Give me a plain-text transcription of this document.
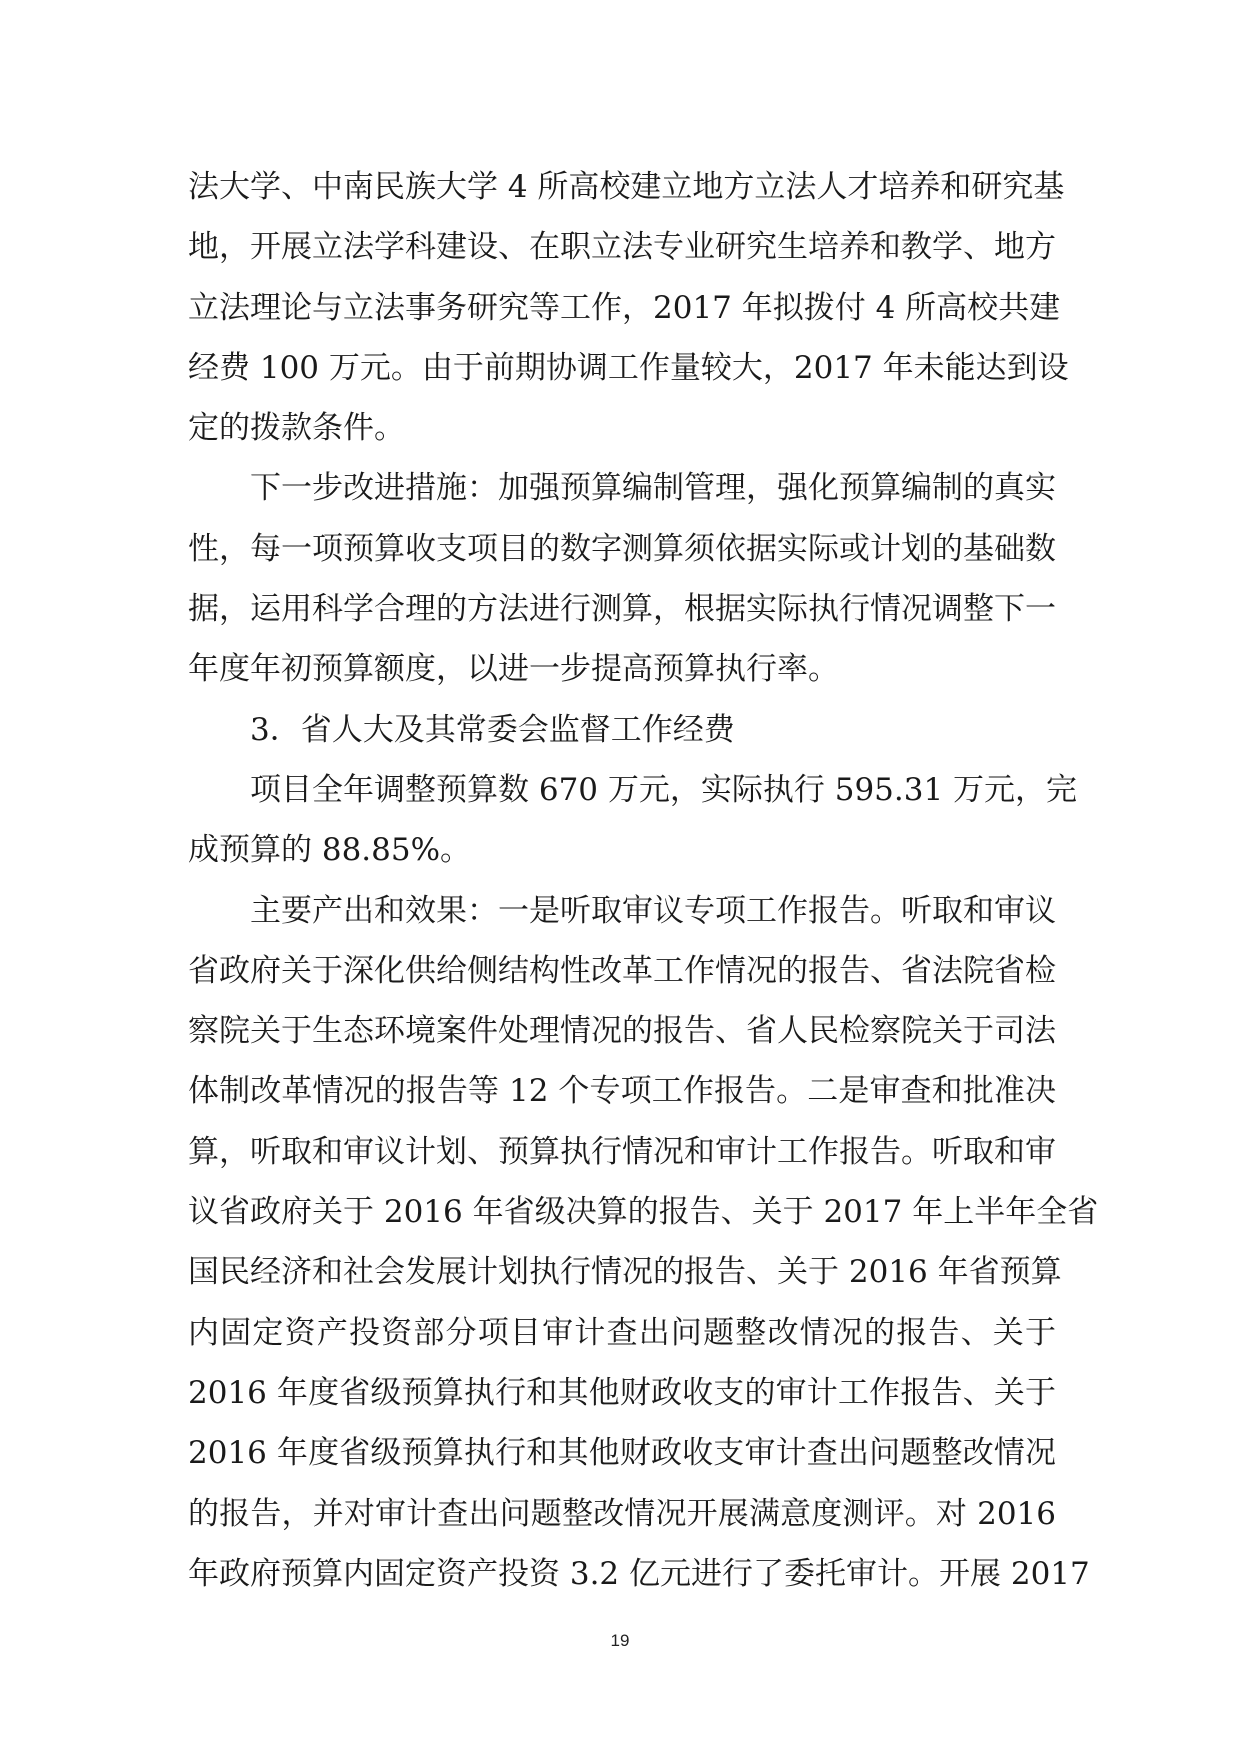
法大学、中南民族大学 4 所高校建立地方立法人才培养和研究基
地，开展立法学科建设、在职立法专业研究生培养和教学、地方
立法理论与立法事务研究等工作，2017 年拟拨付 4 所高校共建
经费 100 万元。由于前期协调工作量较大，2017 年未能达到设
定的拨款条件。
下一步改进措施：加强预算编制管理，强化预算编制的真实
性，每一项预算收支项目的数字测算须依据实际或计划的基础数
据，运用科学合理的方法进行测算，根据实际执行情况调整下一
年度年初预算额度，以进一步提高预算执行率。
3．省人大及其常委会监督工作经费
项目全年调整预算数 670 万元，实际执行 595.31 万元，完
成预算的 88.85%。
主要产出和效果：一是听取审议专项工作报告。听取和审议
省政府关于深化供给侧结构性改革工作情况的报告、省法院省检
察院关于生态环境案件处理情况的报告、省人民检察院关于司法
体制改革情况的报告等 12 个专项工作报告。二是审查和批准决
算，听取和审议计划、预算执行情况和审计工作报告。听取和审
议省政府关于 2016 年省级决算的报告、关于 2017 年上半年全省
国民经济和社会发展计划执行情况的报告、关于 2016 年省预算
内固定资产投资部分项目审计查出问题整改情况的报告、关于
2016 年度省级预算执行和其他财政收支的审计工作报告、关于
2016 年度省级预算执行和其他财政收支审计查出问题整改情况
的报告，并对审计查出问题整改情况开展满意度测评。对 2016
年政府预算内固定资产投资 3.2 亿元进行了委托审计。开展 2017
19
